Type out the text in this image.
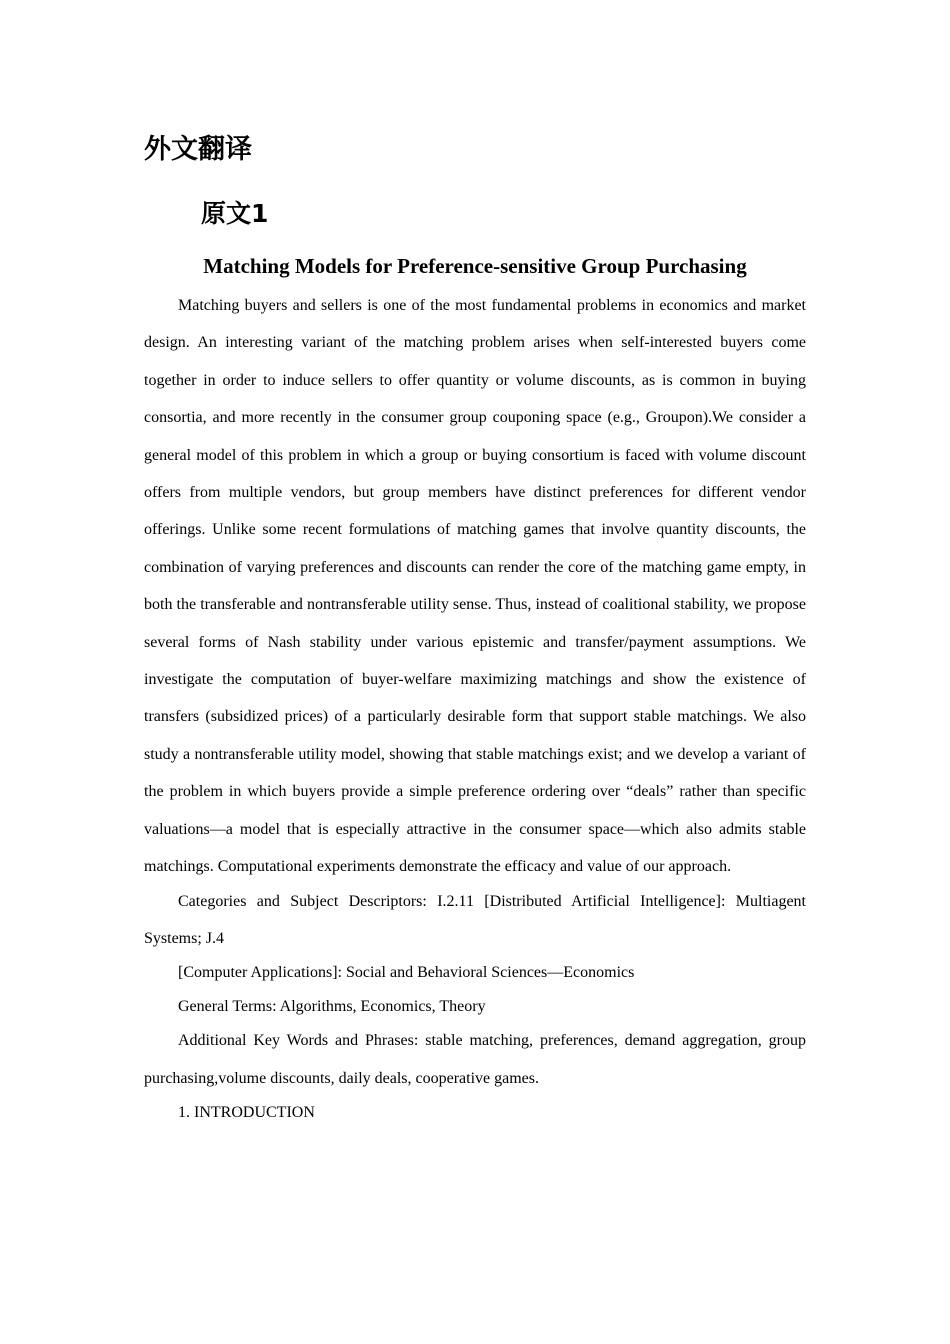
外文翻译
原文1
Matching Models for Preference-sensitive Group Purchasing

Matching buyers and sellers is one of the most fundamental problems in economics and market design. An interesting variant of the matching problem arises when self-interested buyers come together in order to induce sellers to offer quantity or volume discounts, as is common in buying consortia, and more recently in the consumer group couponing space (e.g., Groupon).We consider a general model of this problem in which a group or buying consortium is faced with volume discount offers from multiple vendors, but group members have distinct preferences for different vendor offerings. Unlike some recent formulations of matching games that involve quantity discounts, the combination of varying preferences and discounts can render the core of the matching game empty, in both the transferable and nontransferable utility sense. Thus, instead of coalitional stability, we propose several forms of Nash stability under various epistemic and transfer/payment assumptions. We investigate the computation of buyer-welfare maximizing matchings and show the existence of transfers (subsidized prices) of a particularly desirable form that support stable matchings. We also study a nontransferable utility model, showing that stable matchings exist; and we develop a variant of the problem in which buyers provide a simple preference ordering over “deals” rather than specific valuations—a model that is especially attractive in the consumer space—which also admits stable matchings. Computational experiments demonstrate the efficacy and value of our approach.

Categories and Subject Descriptors: I.2.11 [Distributed Artificial Intelligence]: Multiagent Systems; J.4

[Computer Applications]: Social and Behavioral Sciences—Economics

General Terms: Algorithms, Economics, Theory

Additional Key Words and Phrases: stable matching, preferences, demand aggregation, group purchasing,volume discounts, daily deals, cooperative games.

1. INTRODUCTION
